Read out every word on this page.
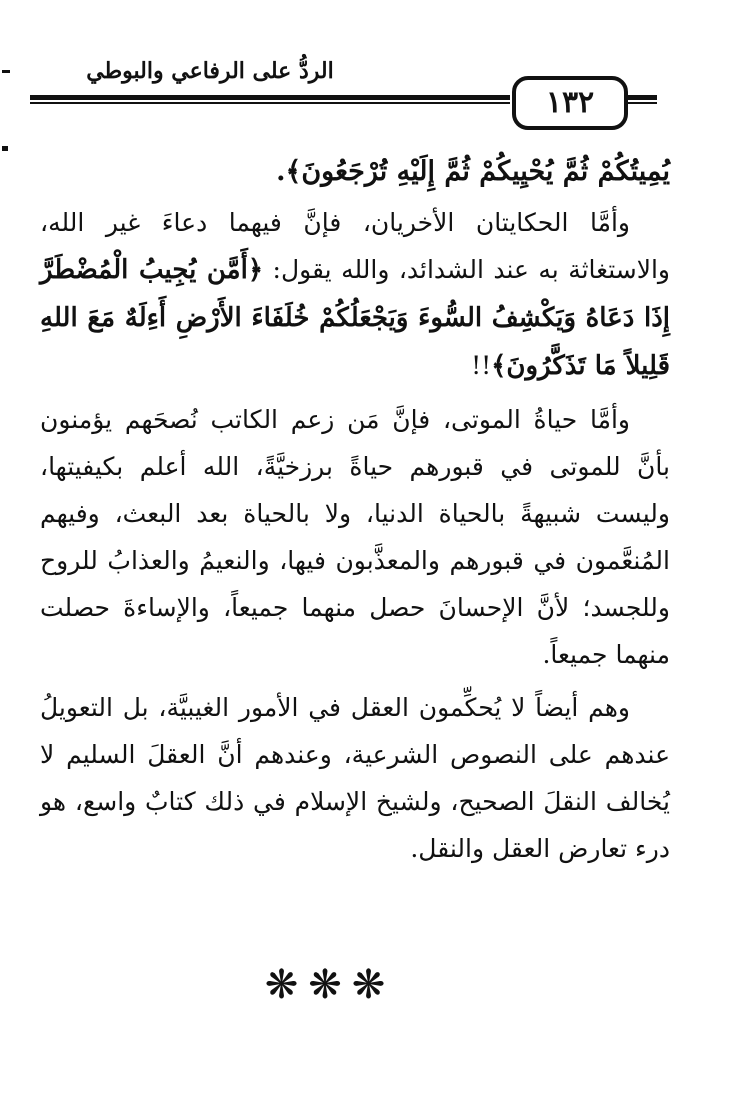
الردُّ على الرفاعي والبوطي
١٣٢

يُمِيتُكُمْ ثُمَّ يُحْيِيكُمْ ثُمَّ إِلَيْهِ تُرْجَعُونَ﴾.

وأمَّا الحكايتان الأخريان، فإنَّ فيهما دعاءَ غير الله، والاستغاثة به عند الشدائد، والله يقول: ﴿أَمَّن يُجِيبُ الْمُضْطَرَّ إِذَا دَعَاهُ وَيَكْشِفُ السُّوءَ وَيَجْعَلُكُمْ خُلَفَاءَ الأَرْضِ أَءِلَهٌ مَعَ اللهِ قَلِيلاً مَا تَذَكَّرُونَ﴾!!

وأمَّا حياةُ الموتى، فإنَّ مَن زعم الكاتب نُصحَهم يؤمنون بأنَّ للموتى في قبورهم حياةً برزخيَّةً، الله أعلم بكيفيتها، وليست شبيهةً بالحياة الدنيا، ولا بالحياة بعد البعث، وفيهم المُنعَّمون في قبورهم والمعذَّبون فيها، والنعيمُ والعذابُ للروح وللجسد؛ لأنَّ الإحسانَ حصل منهما جميعاً، والإساءةَ حصلت منهما جميعاً.

وهم أيضاً لا يُحكِّمون العقل في الأمور الغيبيَّة، بل التعويلُ عندهم على النصوص الشرعية، وعندهم أنَّ العقلَ السليم لا يُخالف النقلَ الصحيح، ولشيخ الإسلام في ذلك كتابٌ واسع، هو درء تعارض العقل والنقل.

❋❋❋
